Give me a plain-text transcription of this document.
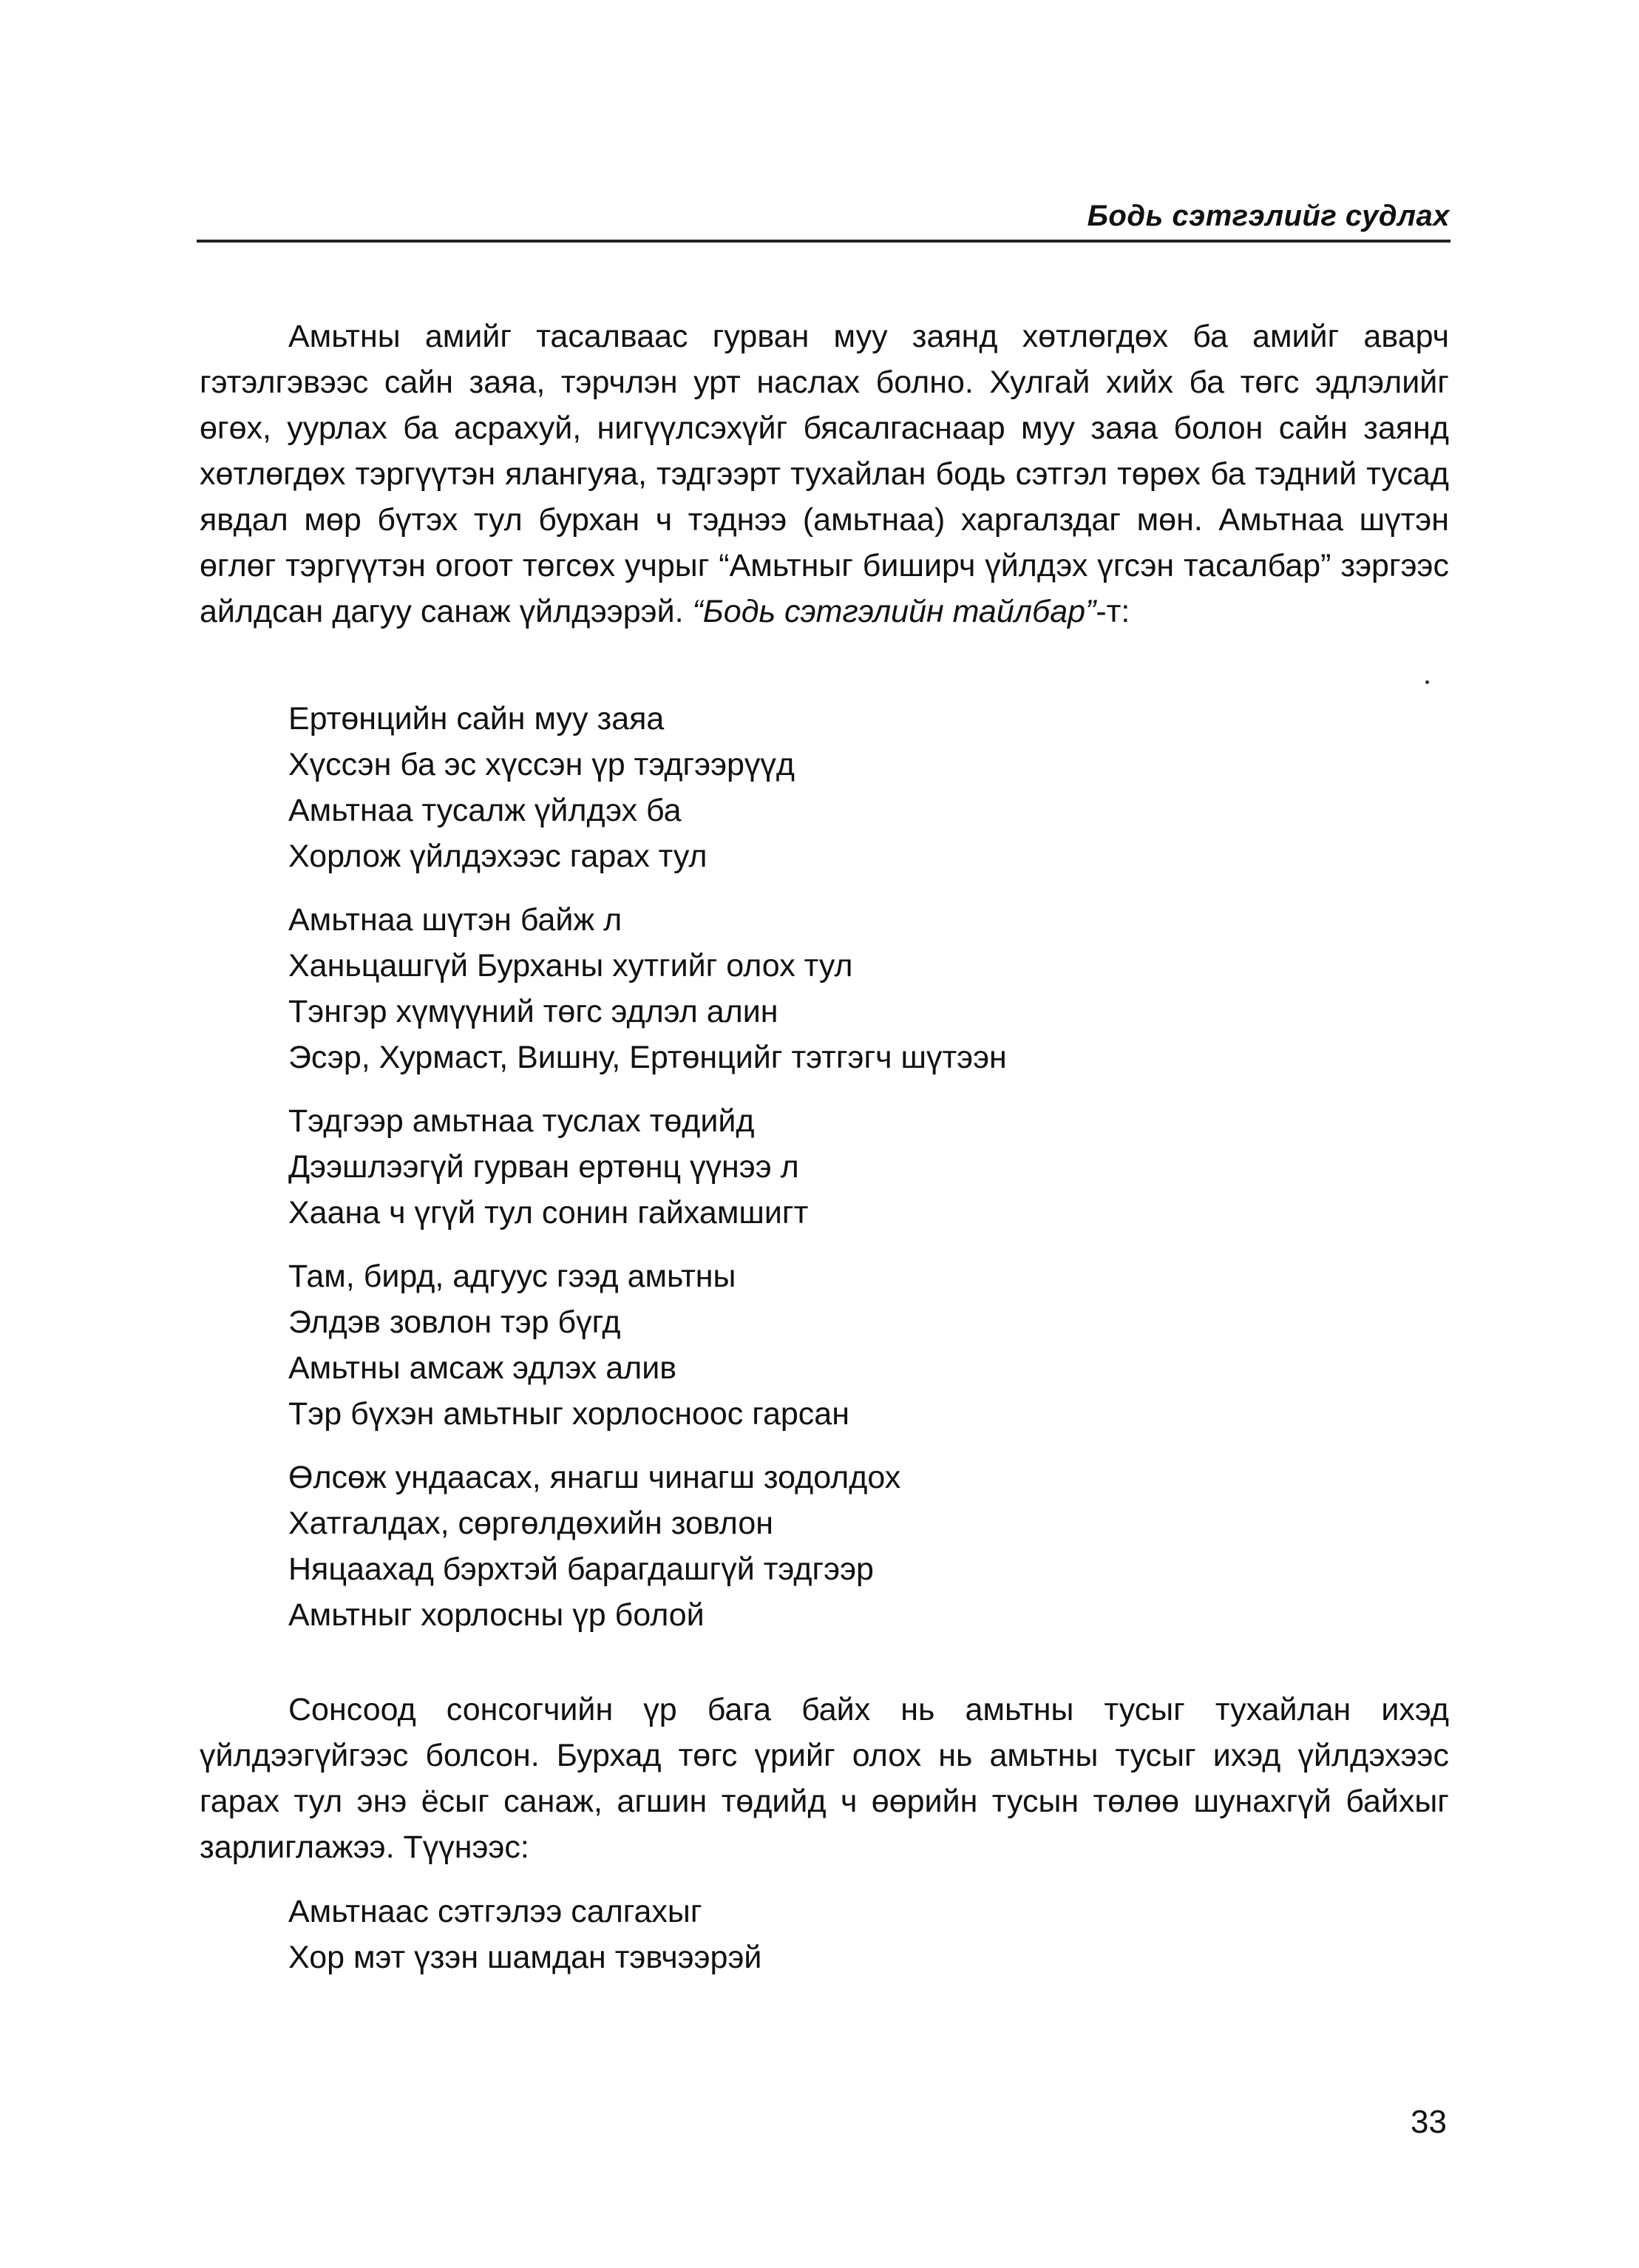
Бодь сэтгэлийг судлах

Амьтны амийг тасалваас гурван муу заянд хөтлөгдөх ба амийг аварч гэтэлгэвээс сайн заяа, тэрчлэн урт наслах болно. Хулгай хийх ба төгс эдлэлийг өгөх, уурлах ба асрахуй, нигүүлсэхүйг бясалгаснаар муу заяа болон сайн заянд хөтлөгдөх тэргүүтэн ялангуяа, тэдгээрт тухайлан бодь сэтгэл төрөх ба тэдний тусад явдал мөр бүтэх тул бурхан ч тэднээ (амьтнаа) харгалздаг мөн. Амьтнаа шүтэн өглөг тэргүүтэн огоот төгсөх учрыг “Амьтныг биширч үйлдэх үгсэн тасалбар” зэргээс айлдсан дагуу санаж үйлдээрэй. “Бодь сэтгэлийн тайлбар”-т:

Ертөнцийн сайн муу заяа
Хүссэн ба эс хүссэн үр тэдгээрүүд
Амьтнаа тусалж үйлдэх ба
Хорлож үйлдэхээс гарах тул
Амьтнаа шүтэн байж л
Ханьцашгүй Бурханы хутгийг олох тул
Тэнгэр хүмүүний төгс эдлэл алин
Эсэр, Хурмаст, Вишну, Ертөнцийг тэтгэгч шүтээн
Тэдгээр амьтнаа туслах төдийд
Дээшлээгүй гурван ертөнц үүнээ л
Хаана ч үгүй тул сонин гайхамшигт
Там, бирд, адгуус гээд амьтны
Элдэв зовлон тэр бүгд
Амьтны амсаж эдлэх алив
Тэр бүхэн амьтныг хорлосноос гарсан
Өлсөж ундаасах, янагш чинагш зодолдох
Хатгалдах, сөргөлдөхийн зовлон
Няцаахад бэрхтэй барагдашгүй тэдгээр
Амьтныг хорлосны үр болой

Сонсоод сонсогчийн үр бага байх нь амьтны тусыг тухайлан ихэд үйлдээгүйгээс болсон. Бурхад төгс үрийг олох нь амьтны тусыг ихэд үйлдэхээс гарах тул энэ ёсыг санаж, агшин төдийд ч өөрийн тусын төлөө шунахгүй байхыг зарлиглажээ. Түүнээс:

Амьтнаас сэтгэлээ салгахыг
Хор мэт үзэн шамдан тэвчээрэй
33
